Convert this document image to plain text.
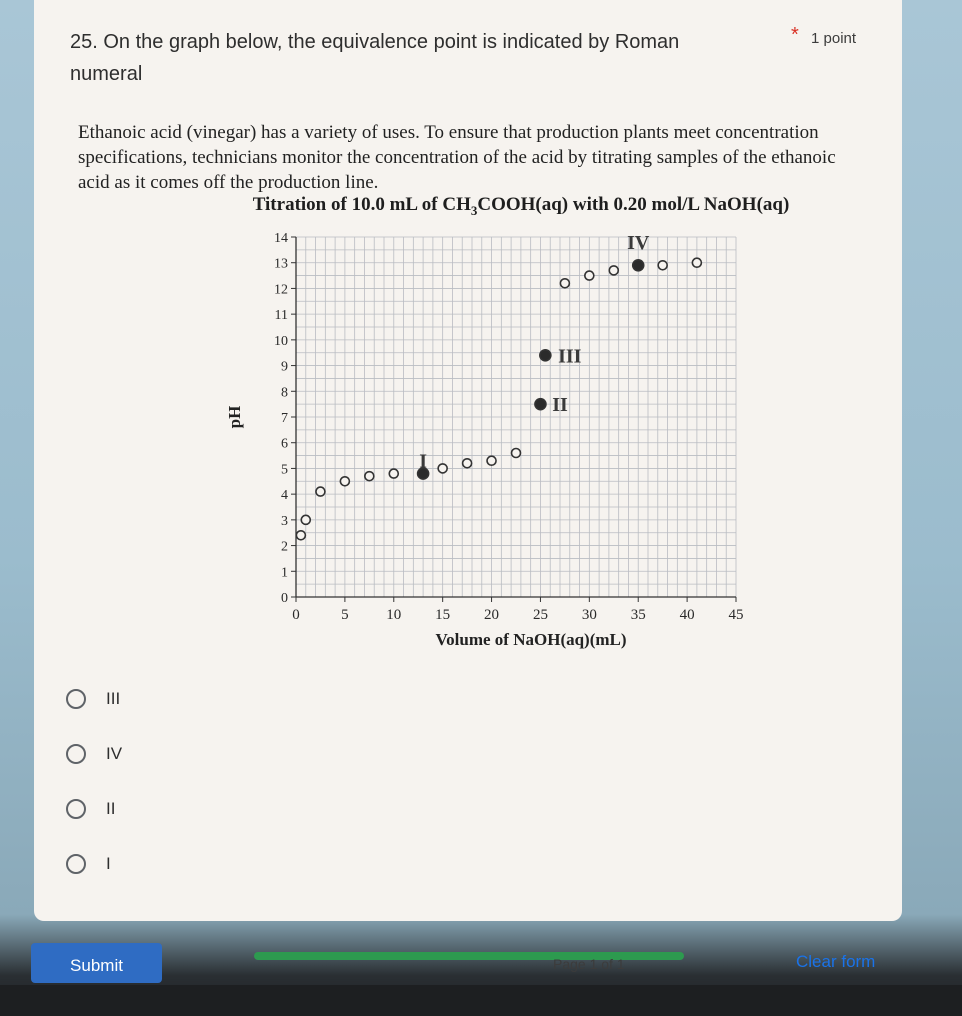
25. On the graph below, the equivalence point is indicated by Roman numeral
* 1 point
Ethanoic acid (vinegar) has a variety of uses. To ensure that production plants meet concentration specifications, technicians monitor the concentration of the acid by titrating samples of the ethanoic acid as it comes off the production line.
Titration of 10.0 mL of $CH_3COOH(aq)$ with 0.20 mol/L NaOH(aq)
0
1
2
3
4
5
6
7
8
9
10
11
12
13
14
0	5	10 15 20 25 30 35 40 45
pH
Volume of NaOH(aq)(mL)
I
II
III
IV
III
IV
II
I
Submit	Page 1 of 1	Clear form
